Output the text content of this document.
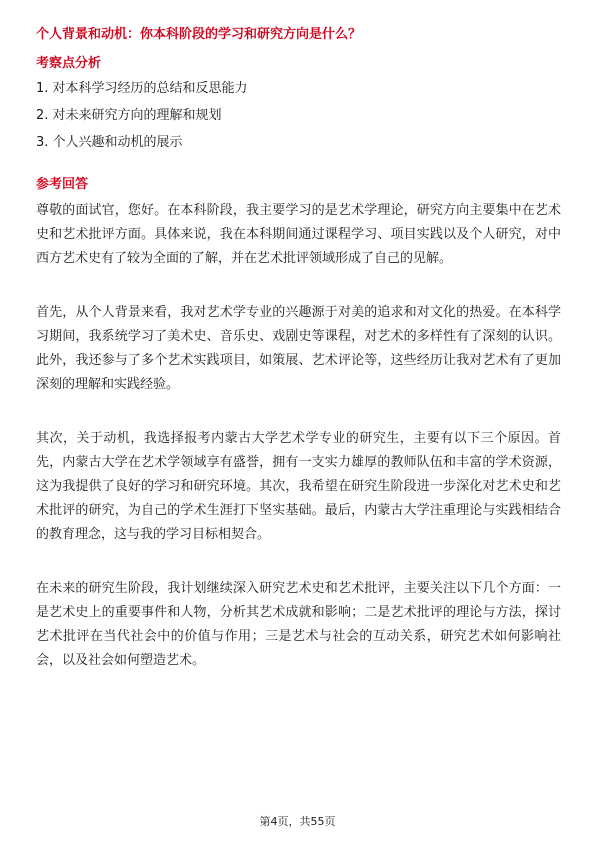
个人背景和动机：你本科阶段的学习和研究方向是什么？
考察点分析
1. 对本科学习经历的总结和反思能力
2. 对未来研究方向的理解和规划
3. 个人兴趣和动机的展示
参考回答

尊敬的面试官，您好。在本科阶段，我主要学习的是艺术学理论，研究方向主要集中在艺术史和艺术批评方面。具体来说，我在本科期间通过课程学习、项目实践以及个人研究，对中西方艺术史有了较为全面的了解，并在艺术批评领域形成了自己的见解。

首先，从个人背景来看，我对艺术学专业的兴趣源于对美的追求和对文化的热爱。在本科学习期间，我系统学习了美术史、音乐史、戏剧史等课程，对艺术的多样性有了深刻的认识。此外，我还参与了多个艺术实践项目，如策展、艺术评论等，这些经历让我对艺术有了更加深刻的理解和实践经验。

其次，关于动机，我选择报考内蒙古大学艺术学专业的研究生，主要有以下三个原因。首先，内蒙古大学在艺术学领域享有盛誉，拥有一支实力雄厚的教师队伍和丰富的学术资源，这为我提供了良好的学习和研究环境。其次，我希望在研究生阶段进一步深化对艺术史和艺术批评的研究，为自己的学术生涯打下坚实基础。最后，内蒙古大学注重理论与实践相结合的教育理念，这与我的学习目标相契合。

在未来的研究生阶段，我计划继续深入研究艺术史和艺术批评，主要关注以下几个方面：一是艺术史上的重要事件和人物，分析其艺术成就和影响；二是艺术批评的理论与方法，探讨艺术批评在当代社会中的价值与作用；三是艺术与社会的互动关系，研究艺术如何影响社会，以及社会如何塑造艺术。

第4页，共55页
